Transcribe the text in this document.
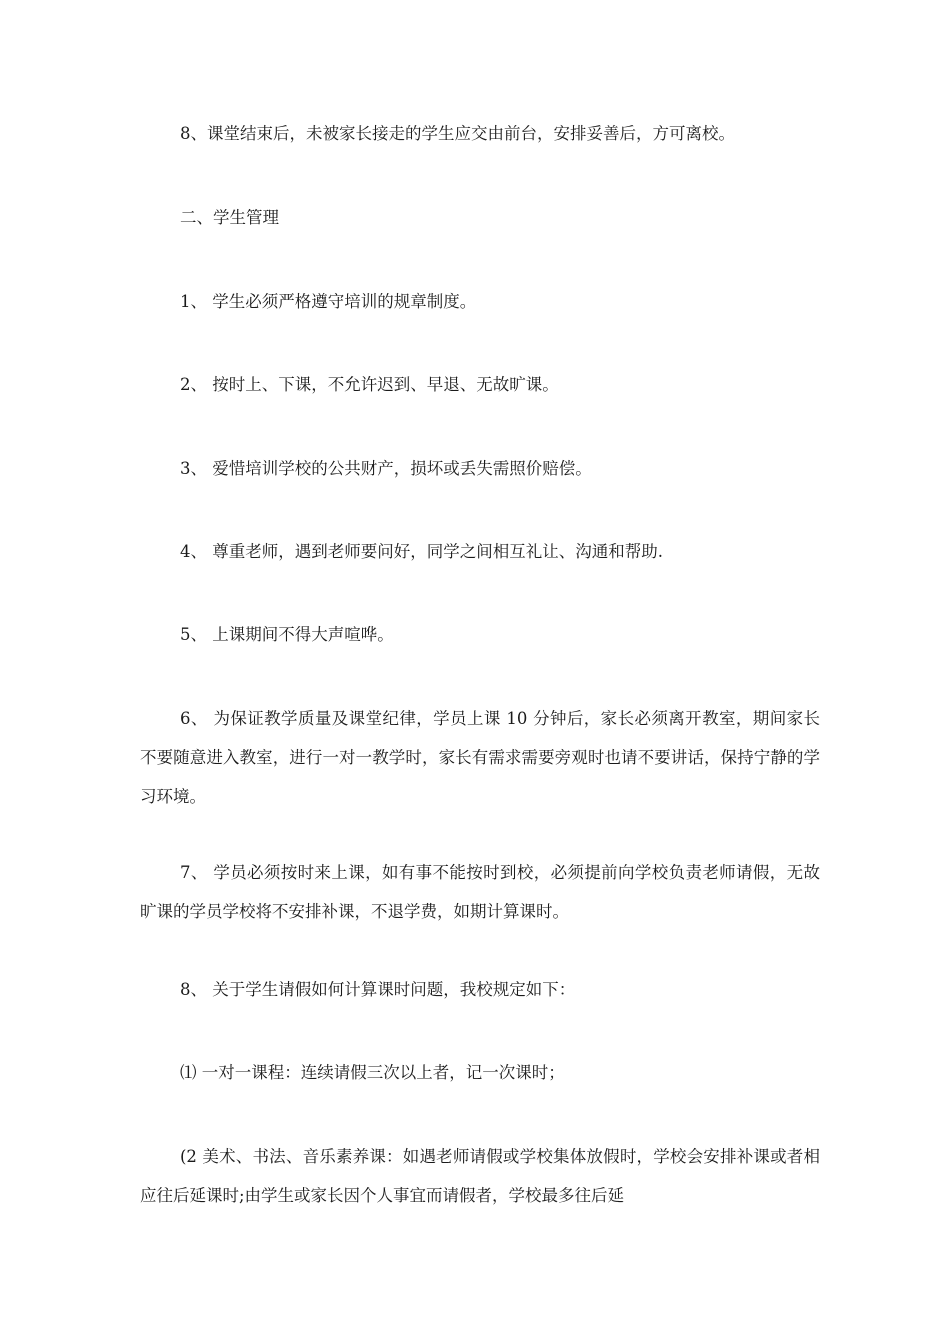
8、课堂结束后，未被家长接走的学生应交由前台，安排妥善后，方可离校。

二、学生管理

1、 学生必须严格遵守培训的规章制度。

2、 按时上、下课，不允许迟到、早退、无故旷课。

3、 爱惜培训学校的公共财产，损坏或丢失需照价赔偿。

4、 尊重老师，遇到老师要问好，同学之间相互礼让、沟通和帮助.

5、 上课期间不得大声喧哗。

6、 为保证教学质量及课堂纪律，学员上课 10 分钟后，家长必须离开教室，期间家长不要随意进入教室，进行一对一教学时，家长有需求需要旁观时也请不要讲话，保持宁静的学习环境。

7、 学员必须按时来上课，如有事不能按时到校，必须提前向学校负责老师请假，无故旷课的学员学校将不安排补课，不退学费，如期计算课时。

8、 关于学生请假如何计算课时问题，我校规定如下：

⑴ 一对一课程：连续请假三次以上者，记一次课时；

(2 美术、书法、音乐素养课：如遇老师请假或学校集体放假时，学校会安排补课或者相应往后延课时;由学生或家长因个人事宜而请假者，学校最多往后延
